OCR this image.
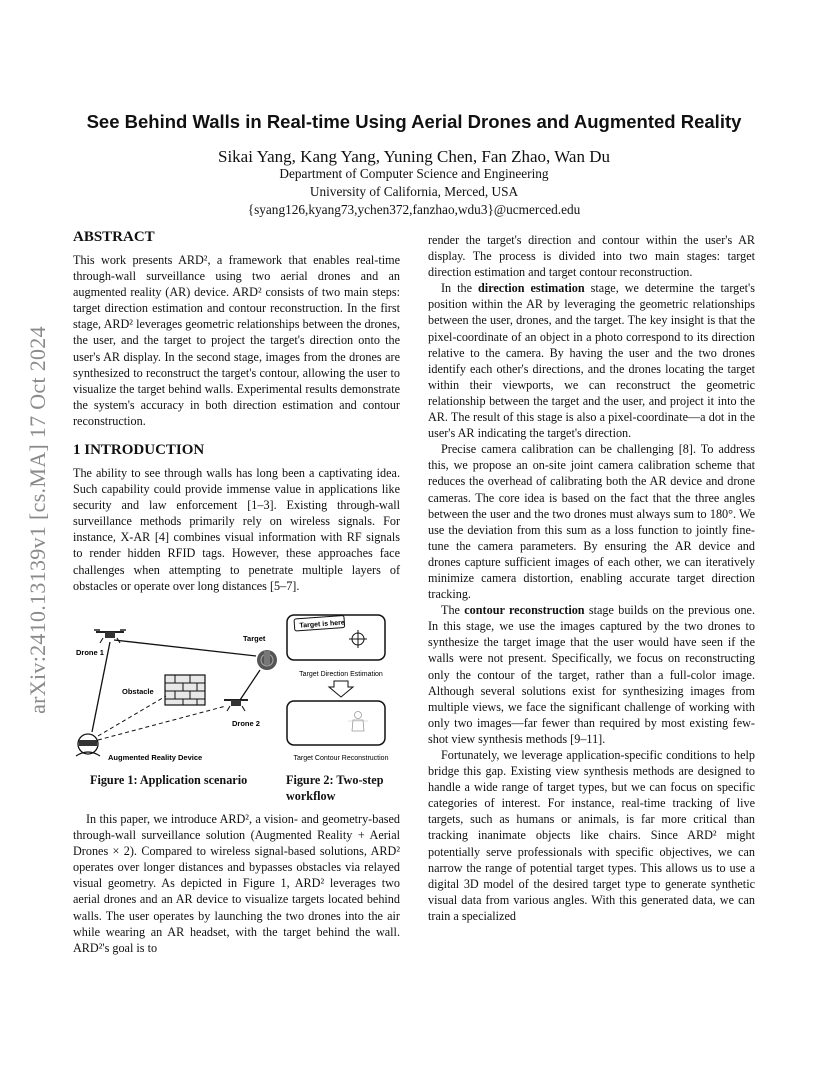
arXiv:2410.13139v1 [cs.MA] 17 Oct 2024
See Behind Walls in Real-time Using Aerial Drones and Augmented Reality
Sikai Yang, Kang Yang, Yuning Chen, Fan Zhao, Wan Du
Department of Computer Science and Engineering
University of California, Merced, USA
{syang126,kyang73,ychen372,fanzhao,wdu3}@ucmerced.edu
ABSTRACT

This work presents ARD², a framework that enables real-time through-wall surveillance using two aerial drones and an augmented reality (AR) device. ARD² consists of two main steps: target direction estimation and contour reconstruction. In the first stage, ARD² leverages geometric relationships between the drones, the user, and the target to project the target's direction onto the user's AR display. In the second stage, images from the drones are synthesized to reconstruct the target's contour, allowing the user to visualize the target behind walls. Experimental results demonstrate the system's accuracy in both direction estimation and contour reconstruction.

1 INTRODUCTION

The ability to see through walls has long been a captivating idea. Such capability could provide immense value in applications like security and law enforcement [1–3]. Existing through-wall surveillance methods primarily rely on wireless signals. For instance, X-AR [4] combines visual information with RF signals to render hidden RFID tags. However, these approaches face challenges when attempting to penetrate multiple layers of obstacles or operate over long distances [5–7].

Drone 1
Target
Obstacle
Drone 2
Augmented Reality Device
Target is here
Target Direction Estimation
Target Contour Reconstruction
Figure 1: Application scenario	Figure 2: Two-step workflow

In this paper, we introduce ARD², a vision- and geometry-based through-wall surveillance solution (Augmented Reality + Aerial Drones × 2). Compared to wireless signal-based solutions, ARD² operates over longer distances and bypasses obstacles via relayed visual geometry. As depicted in Figure 1, ARD² leverages two aerial drones and an AR device to visualize targets located behind walls. The user operates by launching the two drones into the air while wearing an AR headset, with the target behind the wall. ARD²'s goal is to

render the target's direction and contour within the user's AR display. The process is divided into two main stages: target direction estimation and target contour reconstruction.

In the direction estimation stage, we determine the target's position within the AR by leveraging the geometric relationships between the user, drones, and the target. The key insight is that the pixel-coordinate of an object in a photo correspond to its direction relative to the camera. By having the user and the two drones identify each other's directions, and the drones locating the target within their viewports, we can reconstruct the geometric relationship between the target and the user, and project it into the AR. The result of this stage is also a pixel-coordinate—a dot in the user's AR indicating the target's direction.

Precise camera calibration can be challenging [8]. To address this, we propose an on-site joint camera calibration scheme that reduces the overhead of calibrating both the AR device and drone cameras. The core idea is based on the fact that the three angles between the user and the two drones must always sum to 180°. We use the deviation from this sum as a loss function to jointly fine-tune the camera parameters. By ensuring the AR device and drones capture sufficient images of each other, we can iteratively minimize camera distortion, enabling accurate target direction tracking.

The contour reconstruction stage builds on the previous one. In this stage, we use the images captured by the two drones to synthesize the target image that the user would have seen if the walls were not present. Specifically, we focus on reconstructing only the contour of the target, rather than a full-color image. Although several solutions exist for synthesizing images from multiple views, we face the significant challenge of working with only two images—far fewer than required by most existing few-shot view synthesis methods [9–11].

Fortunately, we leverage application-specific conditions to help bridge this gap. Existing view synthesis methods are designed to handle a wide range of target types, but we can focus on specific categories of interest. For instance, real-time tracking of live targets, such as humans or animals, is far more critical than tracking inanimate objects like chairs. Since ARD² might potentially serve professionals with specific objectives, we can narrow the range of potential target types. This allows us to use a digital 3D model of the desired target type to generate synthetic visual data from various angles. With this generated data, we can train a specialized
